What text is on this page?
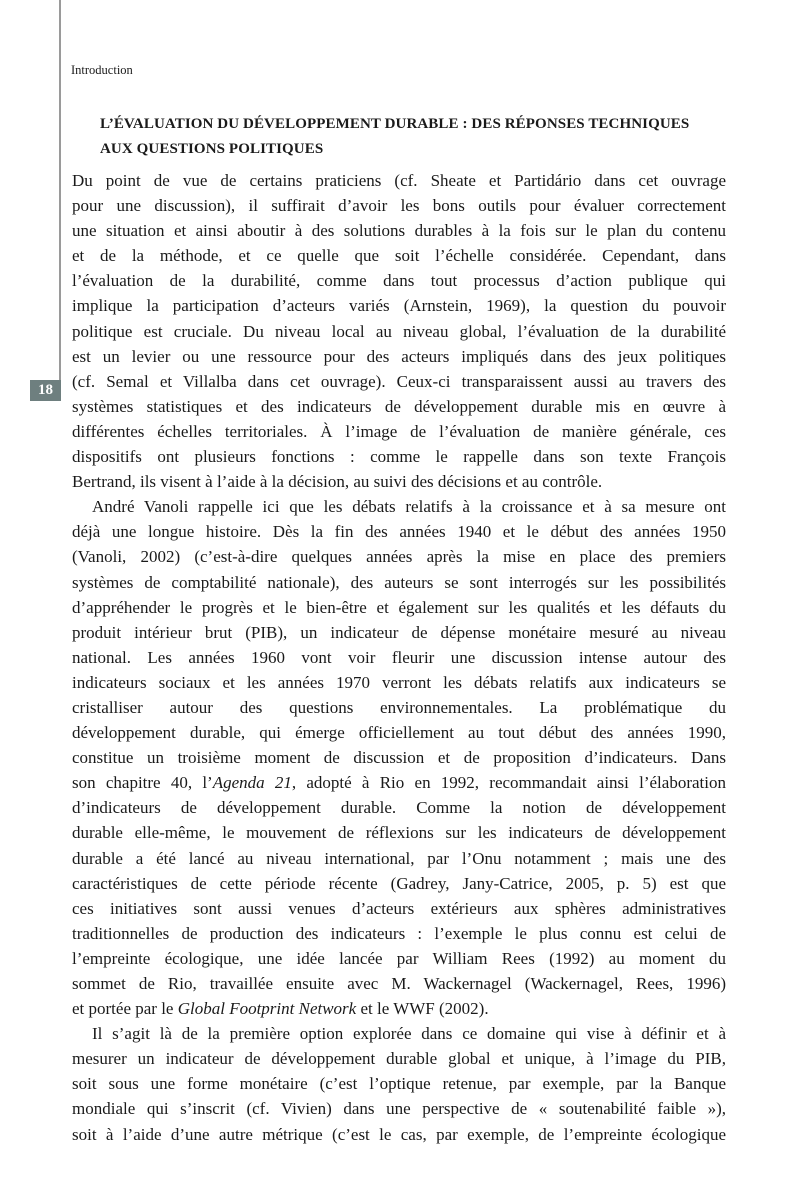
18
Introduction
L’ÉVALUATION DU DÉVELOPPEMENT DURABLE : DES RÉPONSES TECHNIQUES
AUX QUESTIONS POLITIQUES
Du point de vue de certains praticiens (cf. Sheate et Partidário dans cet ouvrage
pour une discussion), il suffirait d’avoir les bons outils pour évaluer correctement
une situation et ainsi aboutir à des solutions durables à la fois sur le plan du contenu
et de la méthode, et ce quelle que soit l’échelle considérée. Cependant, dans
l’évaluation de la durabilité, comme dans tout processus d’action publique qui
implique la participation d’acteurs variés (Arnstein, 1969), la question du pouvoir
politique est cruciale. Du niveau local au niveau global, l’évaluation de la durabilité
est un levier ou une ressource pour des acteurs impliqués dans des jeux politiques
(cf. Semal et Villalba dans cet ouvrage). Ceux-ci transparaissent aussi au travers des
systèmes statistiques et des indicateurs de développement durable mis en œuvre à
différentes échelles territoriales. À l’image de l’évaluation de manière générale, ces
dispositifs ont plusieurs fonctions : comme le rappelle dans son texte François
Bertrand, ils visent à l’aide à la décision, au suivi des décisions et au contrôle.
André Vanoli rappelle ici que les débats relatifs à la croissance et à sa mesure ont
déjà une longue histoire. Dès la fin des années 1940 et le début des années 1950
(Vanoli, 2002) (c’est-à-dire quelques années après la mise en place des premiers
systèmes de comptabilité nationale), des auteurs se sont interrogés sur les possibilités
d’appréhender le progrès et le bien-être et également sur les qualités et les défauts du
produit intérieur brut (PIB), un indicateur de dépense monétaire mesuré au niveau
national. Les années 1960 vont voir fleurir une discussion intense autour des
indicateurs sociaux et les années 1970 verront les débats relatifs aux indicateurs se
cristalliser autour des questions environnementales. La problématique du
développement durable, qui émerge officiellement au tout début des années 1990,
constitue un troisième moment de discussion et de proposition d’indicateurs. Dans
son chapitre 40, l’Agenda 21, adopté à Rio en 1992, recommandait ainsi l’élaboration
d’indicateurs de développement durable. Comme la notion de développement
durable elle-même, le mouvement de réflexions sur les indicateurs de développement
durable a été lancé au niveau international, par l’Onu notamment ; mais une des
caractéristiques de cette période récente (Gadrey, Jany-Catrice, 2005, p. 5) est que
ces initiatives sont aussi venues d’acteurs extérieurs aux sphères administratives
traditionnelles de production des indicateurs : l’exemple le plus connu est celui de
l’empreinte écologique, une idée lancée par William Rees (1992) au moment du
sommet de Rio, travaillée ensuite avec M. Wackernagel (Wackernagel, Rees, 1996)
et portée par le Global Footprint Network et le WWF (2002).
Il s’agit là de la première option explorée dans ce domaine qui vise à définir et à
mesurer un indicateur de développement durable global et unique, à l’image du PIB,
soit sous une forme monétaire (c’est l’optique retenue, par exemple, par la Banque
mondiale qui s’inscrit (cf. Vivien) dans une perspective de « soutenabilité faible »),
soit à l’aide d’une autre métrique (c’est le cas, par exemple, de l’empreinte écologique
